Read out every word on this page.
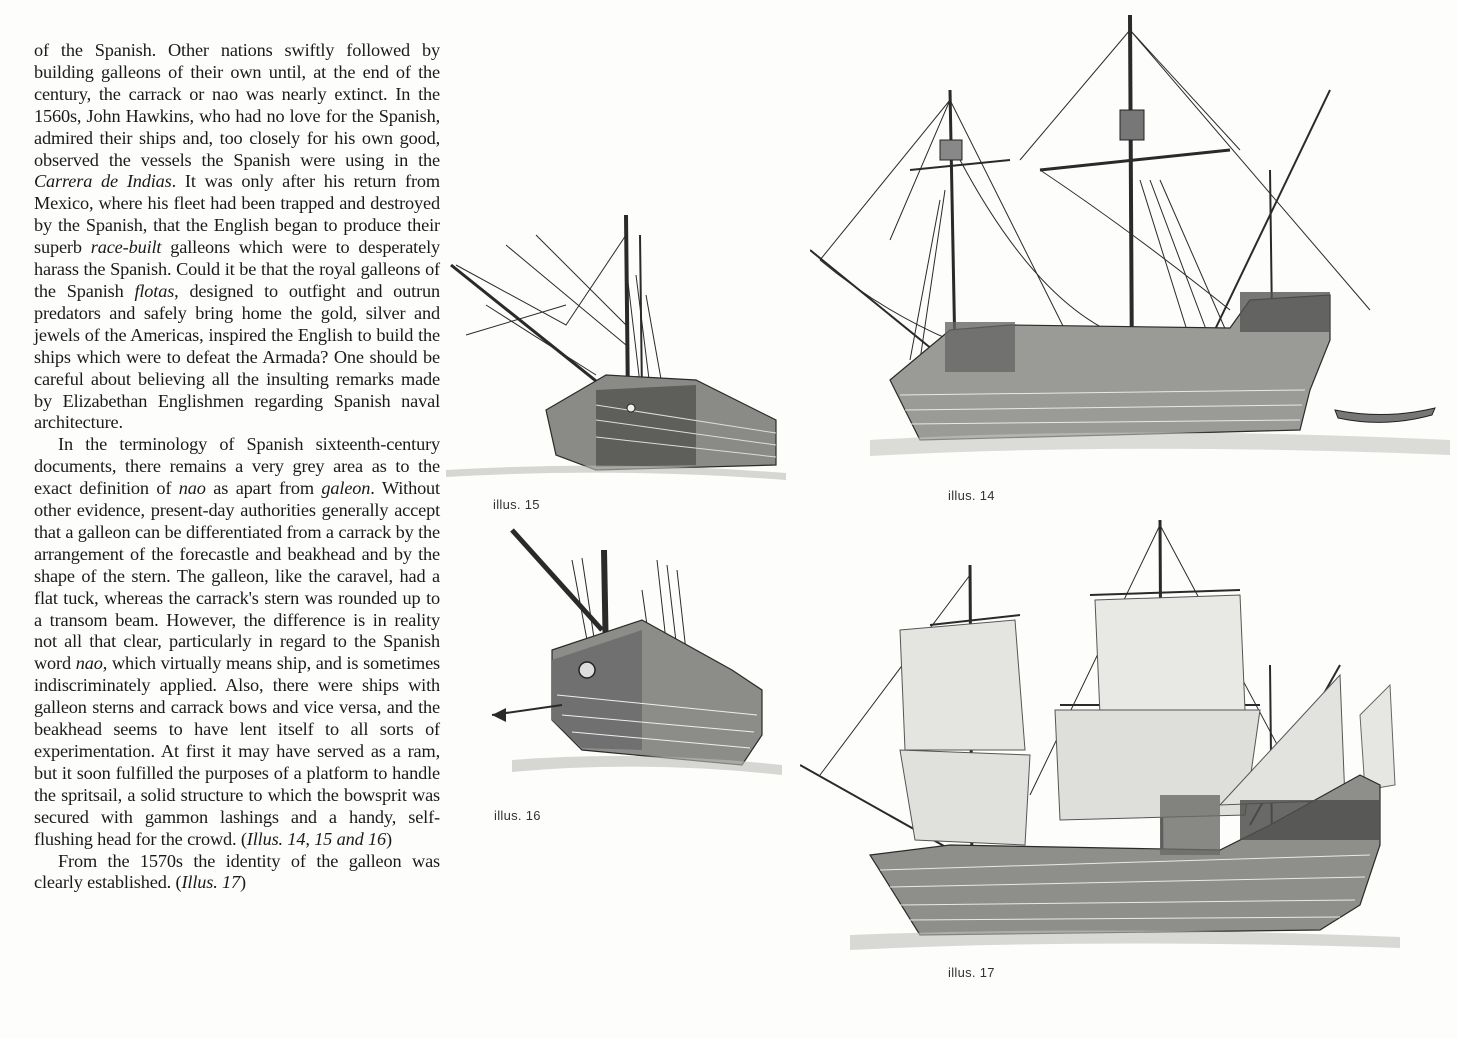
of the Spanish. Other nations swiftly followed by building galleons of their own until, at the end of the century, the carrack or nao was nearly extinct. In the 1560s, John Hawkins, who had no love for the Spanish, admired their ships and, too closely for his own good, observed the vessels the Spanish were using in the Carrera de Indias. It was only after his return from Mexico, where his fleet had been trapped and destroyed by the Spanish, that the English began to produce their superb race-built galleons which were to desperately harass the Spanish. Could it be that the royal galleons of the Spanish flotas, designed to outfight and outrun predators and safely bring home the gold, silver and jewels of the Americas, inspired the English to build the ships which were to defeat the Armada? One should be careful about believing all the insulting remarks made by Elizabethan Englishmen regarding Spanish naval architecture.

In the terminology of Spanish sixteenth-century documents, there remains a very grey area as to the exact definition of nao as apart from galeon. Without other evidence, present-day authorities generally accept that a galleon can be differentiated from a carrack by the arrangement of the forecastle and beakhead and by the shape of the stern. The galleon, like the caravel, had a flat tuck, whereas the carrack's stern was rounded up to a transom beam. However, the difference is in reality not all that clear, particularly in regard to the Spanish word nao, which virtually means ship, and is sometimes indiscriminately applied. Also, there were ships with galleon sterns and carrack bows and vice versa, and the beakhead seems to have lent itself to all sorts of experimentation. At first it may have served as a ram, but it soon fulfilled the purposes of a platform to handle the spritsail, a solid structure to which the bowsprit was secured with gammon lashings and a handy, self-flushing head for the crowd. (Illus. 14, 15 and 16)

From the 1570s the identity of the galleon was clearly established. (Illus. 17)

illus. 15
illus. 14
illus. 16
illus. 17
